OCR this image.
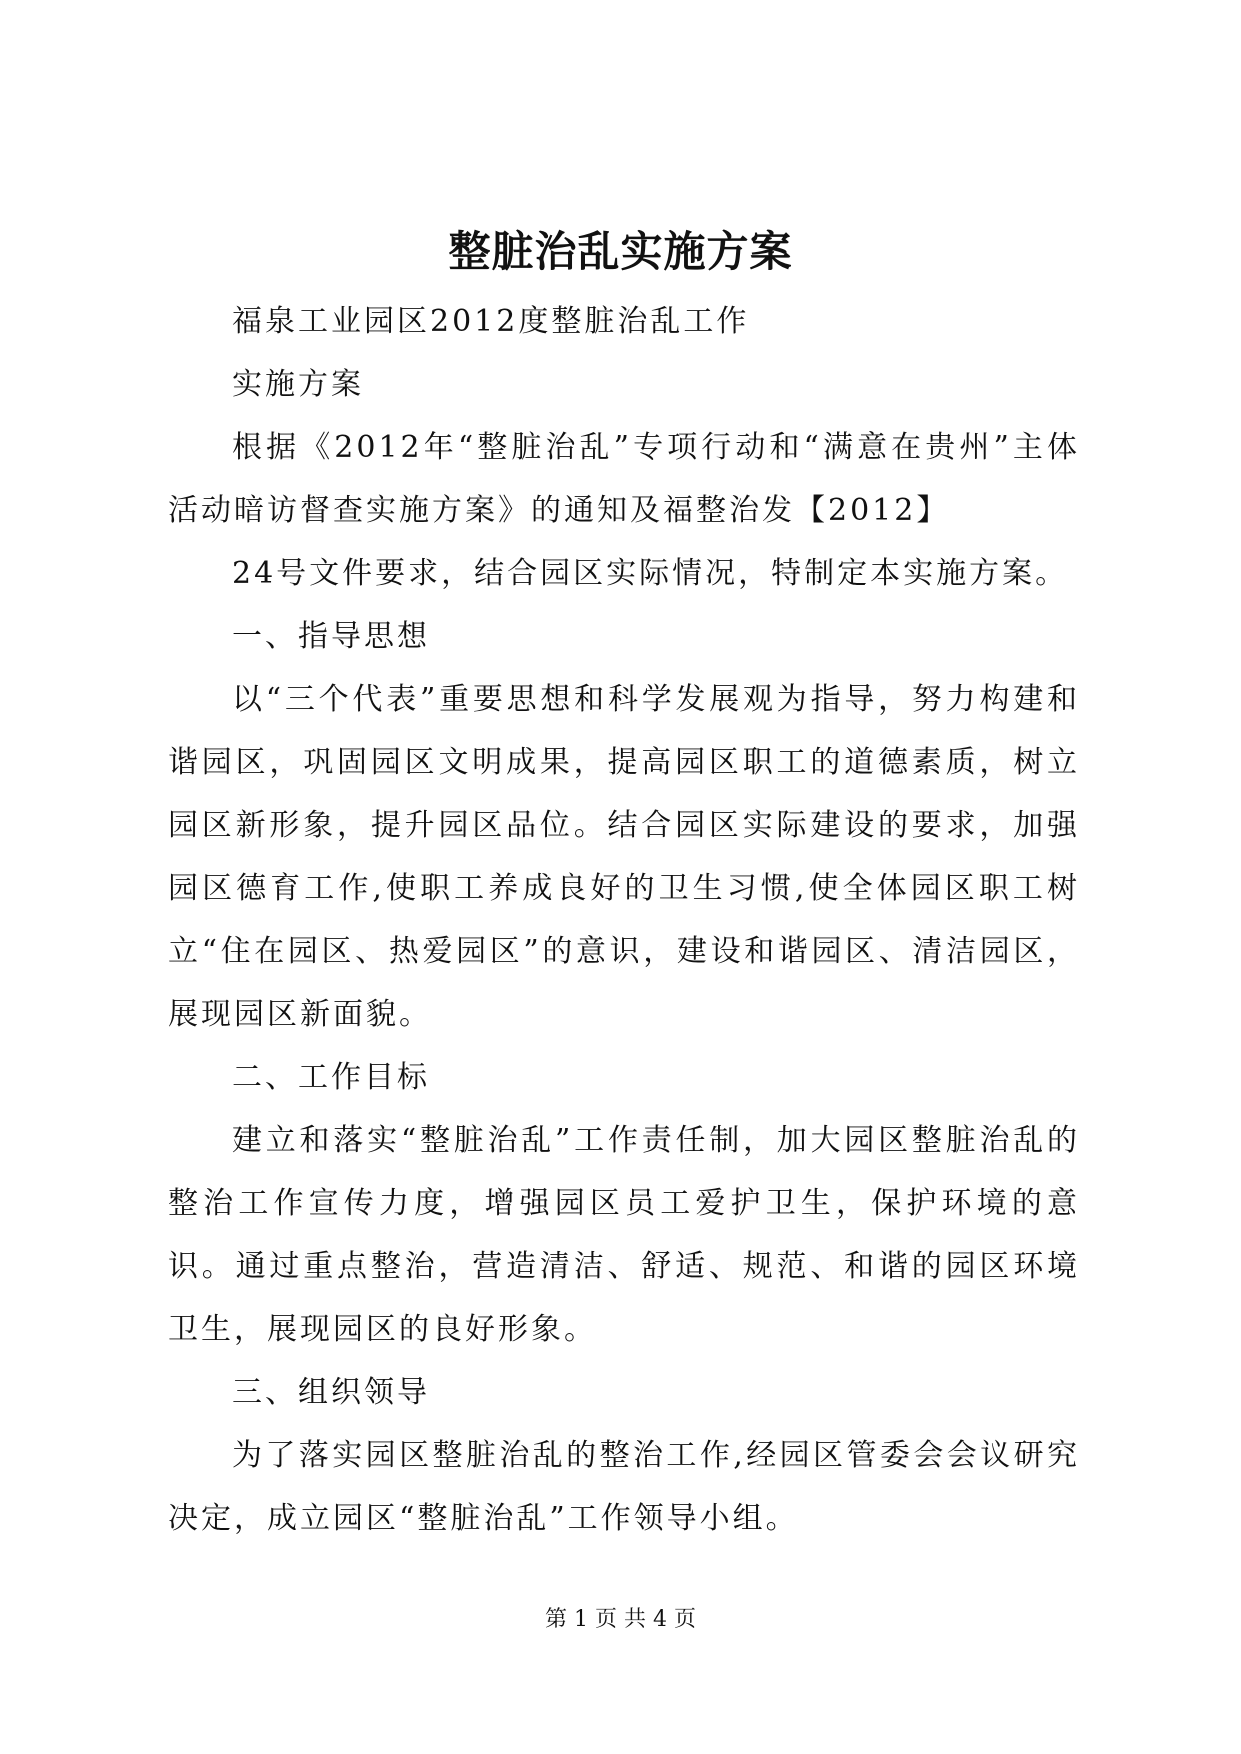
整脏治乱实施方案

福泉工业园区2012度整脏治乱工作

实施方案

根据《2012年“整脏治乱”专项行动和“满意在贵州”主体活动暗访督查实施方案》的通知及福整治发【2012】

24号文件要求，结合园区实际情况，特制定本实施方案。

一、指导思想

以“三个代表”重要思想和科学发展观为指导，努力构建和谐园区，巩固园区文明成果，提高园区职工的道德素质，树立园区新形象，提升园区品位。结合园区实际建设的要求，加强园区德育工作,使职工养成良好的卫生习惯,使全体园区职工树立“住在园区、热爱园区”的意识，建设和谐园区、清洁园区，展现园区新面貌。

二、工作目标

建立和落实“整脏治乱”工作责任制，加大园区整脏治乱的整治工作宣传力度，增强园区员工爱护卫生，保护环境的意识。通过重点整治，营造清洁、舒适、规范、和谐的园区环境卫生，展现园区的良好形象。

三、组织领导

为了落实园区整脏治乱的整治工作,经园区管委会会议研究决定，成立园区“整脏治乱”工作领导小组。

第 1 页 共 4 页
